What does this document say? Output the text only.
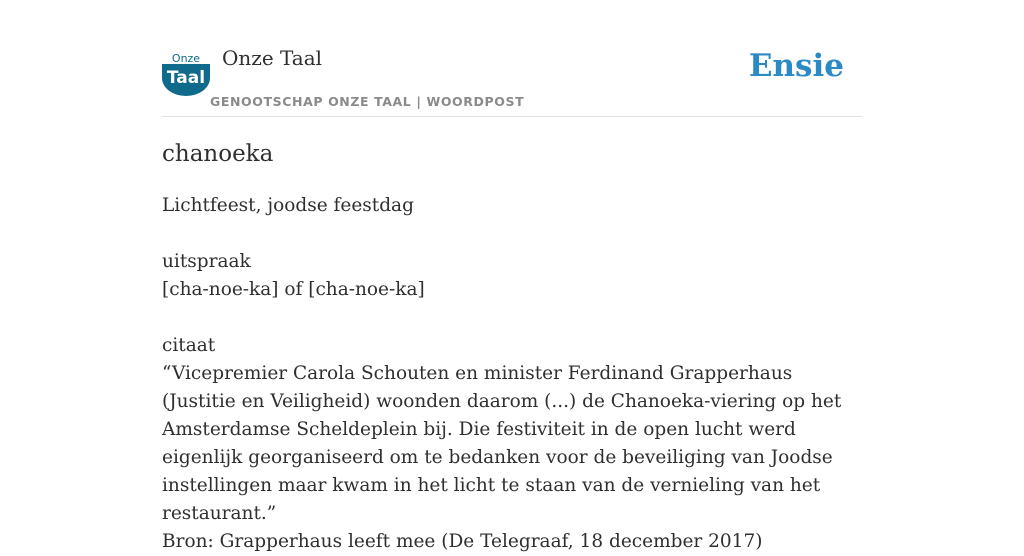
Onze
Taal
Onze Taal
GENOOTSCHAP ONZE TAAL | WOORDPOST
Ensie
chanoeka

Lichtfeest, joodse feestdag

uitspraak

[cha-noe-ka] of [cha-noe-ka]

citaat

“Vicepremier Carola Schouten en minister Ferdinand Grapperhaus (Justitie en Veiligheid) woonden daarom (...) de Chanoeka-viering op het Amsterdamse Scheldeplein bij. Die festiviteit in de open lucht werd eigenlijk georganiseerd om te bedanken voor de beveiliging van Joodse instellingen maar kwam in het licht te staan van de vernieling van het restaurant.”

Bron: Grapperhaus leeft mee (De Telegraaf, 18 december 2017)
